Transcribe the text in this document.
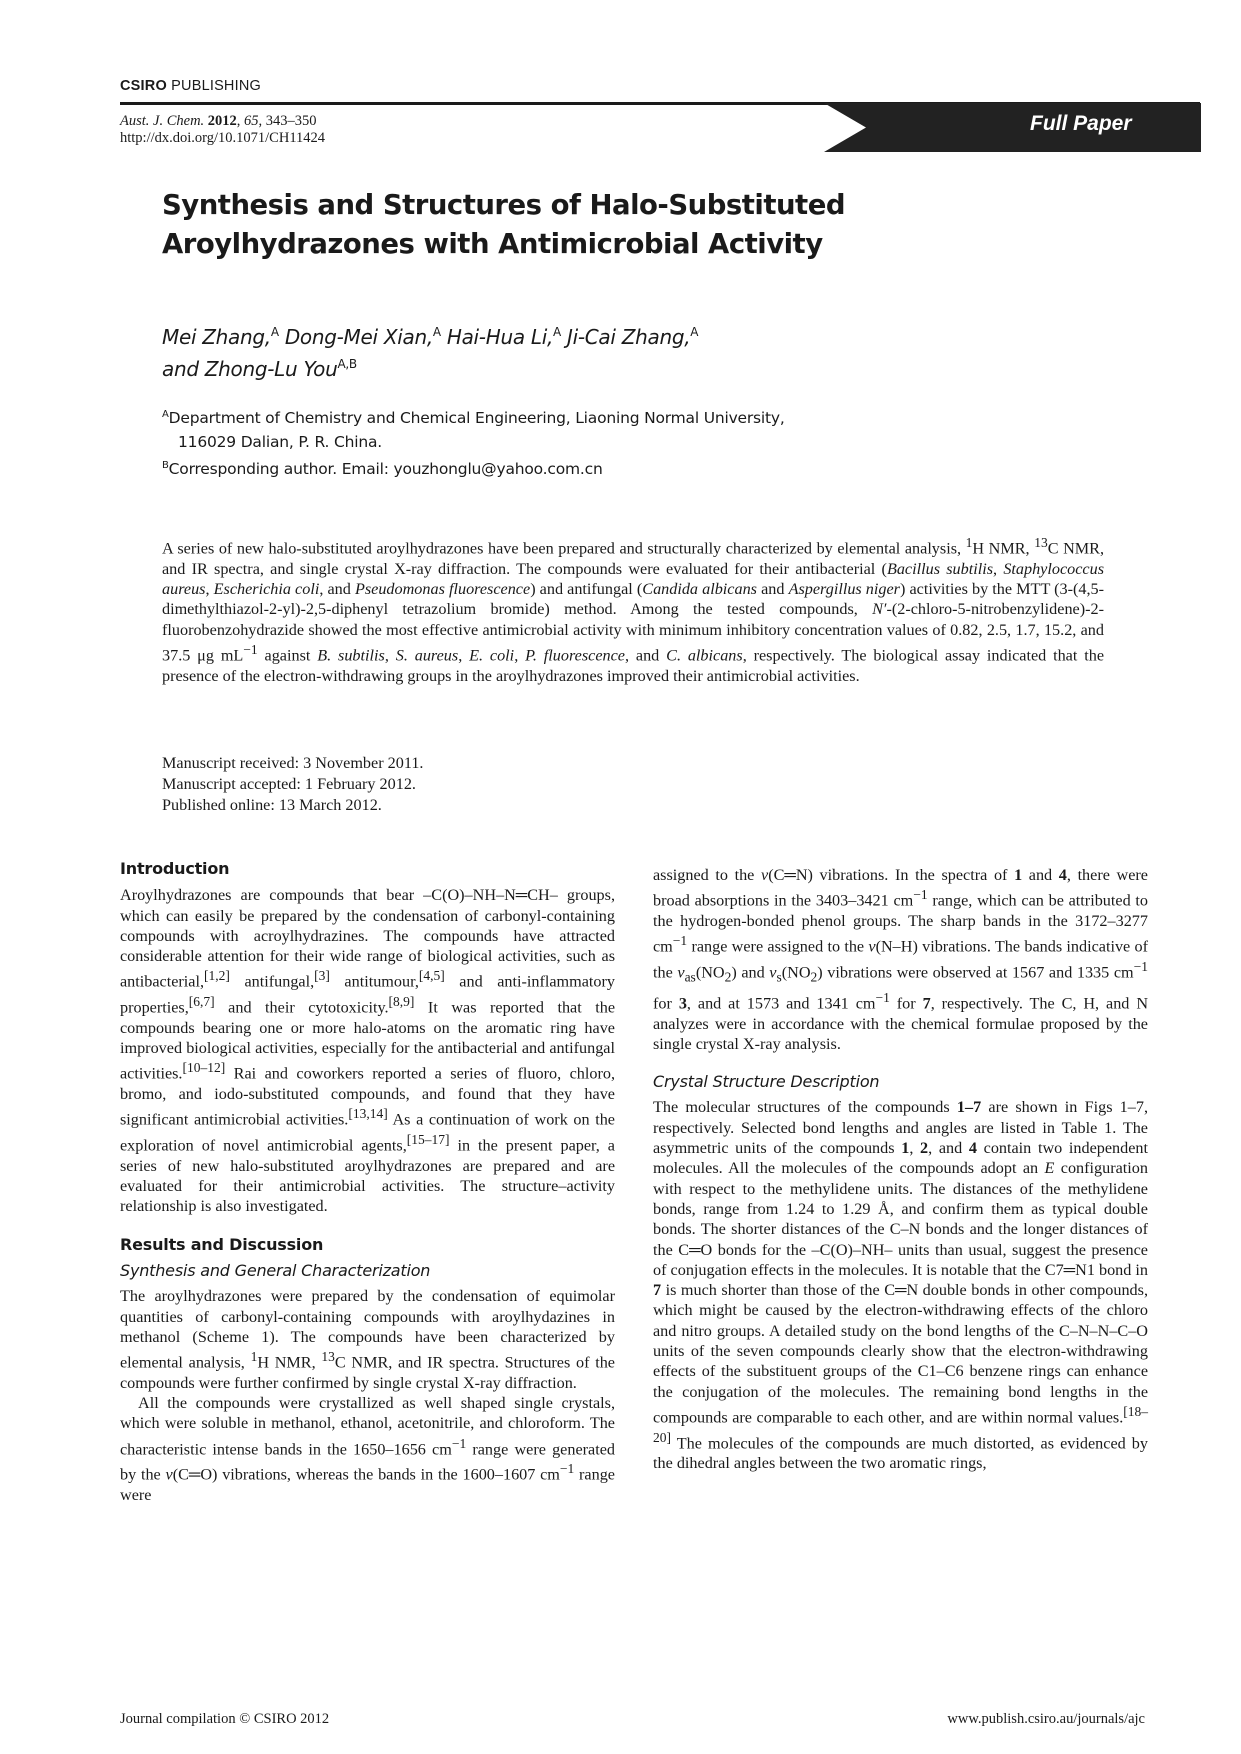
CSIRO PUBLISHING
Aust. J. Chem. 2012, 65, 343–350
http://dx.doi.org/10.1071/CH11424
Full Paper
Synthesis and Structures of Halo-Substituted
Aroylhydrazones with Antimicrobial Activity
Mei Zhang,$^A$ Dong-Mei Xian,$^A$ Hai-Hua Li,$^A$ Ji-Cai Zhang,$^A$
and Zhong-Lu You$^{A,B}$
$^A$Department of Chemistry and Chemical Engineering, Liaoning Normal University,
116029 Dalian, P. R. China.
$^B$Corresponding author. Email: youzhonglu@yahoo.com.cn
A series of new halo-substituted aroylhydrazones have been prepared and structurally characterized by elemental analysis, $^1$H NMR, $^{13}$C NMR, and IR spectra, and single crystal X-ray diffraction. The compounds were evaluated for their antibacterial (Bacillus subtilis, Staphylococcus aureus, Escherichia coli, and Pseudomonas fluorescence) and antifungal (Candida albicans and Aspergillus niger) activities by the MTT (3-(4,5-dimethylthiazol-2-yl)-2,5-diphenyl tetrazolium bromide) method. Among the tested compounds, N′-(2-chloro-5-nitrobenzylidene)-2-fluorobenzohydrazide showed the most effective antimicrobial activity with minimum inhibitory concentration values of 0.82, 2.5, 1.7, 15.2, and 37.5 μg $mL^{-1}$ against B. subtilis, S. aureus, E. coli, P. fluorescence, and C. albicans, respectively. The biological assay indicated that the presence of the electron-withdrawing groups in the aroylhydrazones improved their antimicrobial activities.
Manuscript received: 3 November 2011.
Manuscript accepted: 1 February 2012.
Published online: 13 March 2012.
Introduction

Aroylhydrazones are compounds that bear –C(O)–NH–N═CH– groups, which can easily be prepared by the condensation of carbonyl-containing compounds with acroylhydrazines. The compounds have attracted considerable attention for their wide range of biological activities, such as antibacterial,[1,2] antifungal,[3] antitumour,[4,5] and anti-inflammatory properties,[6,7] and their cytotoxicity.[8,9] It was reported that the compounds bearing one or more halo-atoms on the aromatic ring have improved biological activities, especially for the antibacterial and antifungal activities.[10–12] Rai and coworkers reported a series of fluoro, chloro, bromo, and iodo-substituted compounds, and found that they have significant antimicrobial activities.[13,14] As a continuation of work on the exploration of novel antimicrobial agents,[15–17] in the present paper, a series of new halo-substituted aroylhydrazones are prepared and are evaluated for their antimicrobial activities. The structure–activity relationship is also investigated.

Results and Discussion
Synthesis and General Characterization

The aroylhydrazones were prepared by the condensation of equimolar quantities of carbonyl-containing compounds with aroylhydazines in methanol (Scheme 1). The compounds have been characterized by elemental analysis, $^1$H NMR, $^{13}$C NMR, and IR spectra. Structures of the compounds were further confirmed by single crystal X-ray diffraction.

All the compounds were crystallized as well shaped single crystals, which were soluble in methanol, ethanol, acetonitrile, and chloroform. The characteristic intense bands in the 1650–1656 $cm^{-1}$ range were generated by the ν(C═O) vibrations, whereas the bands in the 1600–1607 $cm^{-1}$ range were

assigned to the ν(C═N) vibrations. In the spectra of 1 and 4, there were broad absorptions in the 3403–3421 $cm^{-1}$ range, which can be attributed to the hydrogen-bonded phenol groups. The sharp bands in the 3172–3277 $cm^{-1}$ range were assigned to the ν(N–H) vibrations. The bands indicative of the $\nu_{as}(NO_2)$ and $\nu_s(NO_2)$ vibrations were observed at 1567 and 1335 $cm^{-1}$ for 3, and at 1573 and 1341 $cm^{-1}$ for 7, respectively. The C, H, and N analyzes were in accordance with the chemical formulae proposed by the single crystal X-ray analysis.

Crystal Structure Description

The molecular structures of the compounds 1–7 are shown in Figs 1–7, respectively. Selected bond lengths and angles are listed in Table 1. The asymmetric units of the compounds 1, 2, and 4 contain two independent molecules. All the molecules of the compounds adopt an E configuration with respect to the methylidene units. The distances of the methylidene bonds, range from 1.24 to 1.29 Å, and confirm them as typical double bonds. The shorter distances of the C–N bonds and the longer distances of the C═O bonds for the –C(O)–NH– units than usual, suggest the presence of conjugation effects in the molecules. It is notable that the C7═N1 bond in 7 is much shorter than those of the C═N double bonds in other compounds, which might be caused by the electron-withdrawing effects of the chloro and nitro groups. A detailed study on the bond lengths of the C–N–N–C–O units of the seven compounds clearly show that the electron-withdrawing effects of the substituent groups of the C1–C6 benzene rings can enhance the conjugation of the molecules. The remaining bond lengths in the compounds are comparable to each other, and are within normal values.[18–20] The molecules of the compounds are much distorted, as evidenced by the dihedral angles between the two aromatic rings,

Journal compilation © CSIRO 2012	www.publish.csiro.au/journals/ajc
